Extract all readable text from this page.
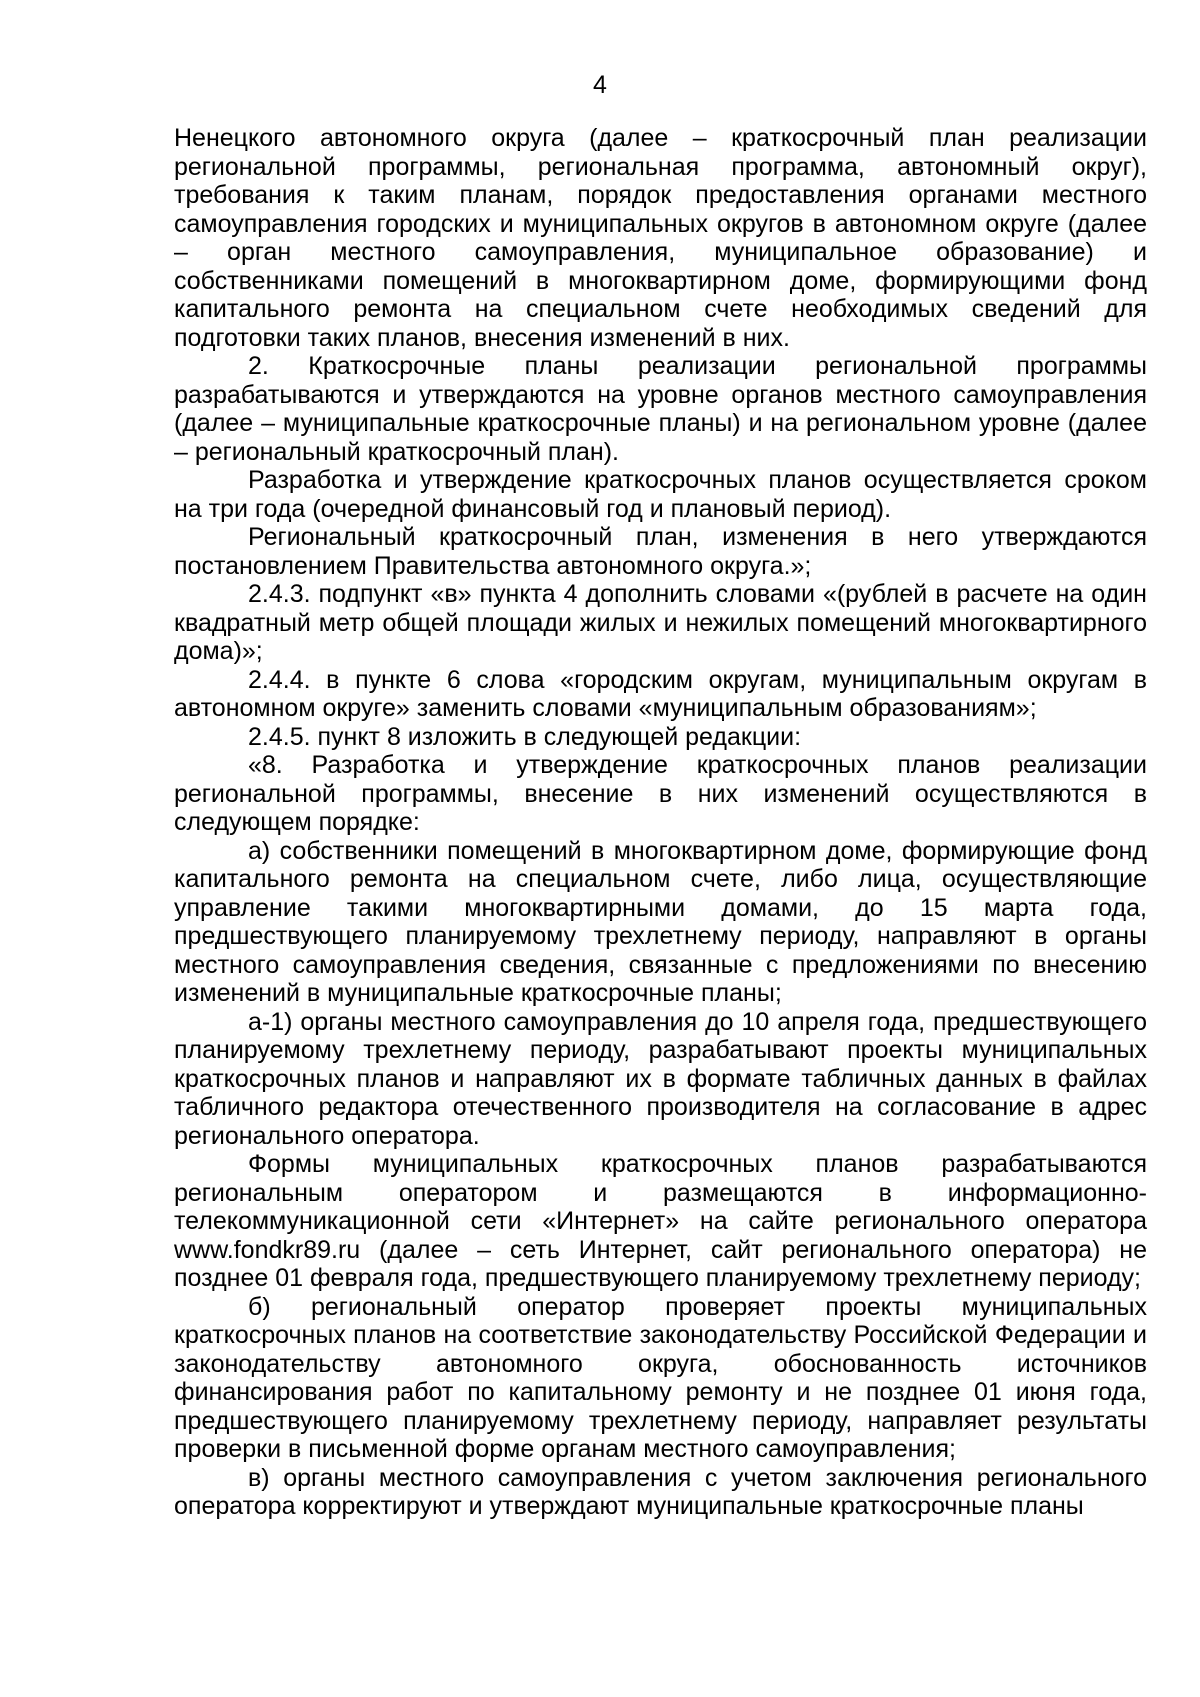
4

Ненецкого автономного округа (далее – краткосрочный план реализации региональной программы, региональная программа, автономный округ), требования к таким планам, порядок предоставления органами местного самоуправления городских и муниципальных округов в автономном округе (далее – орган местного самоуправления, муниципальное образование) и собственниками помещений в многоквартирном доме, формирующими фонд капитального ремонта на специальном счете необходимых сведений для подготовки таких планов, внесения изменений в них.

2. Краткосрочные планы реализации региональной программы разрабатываются и утверждаются на уровне органов местного самоуправления (далее – муниципальные краткосрочные планы) и на региональном уровне (далее – региональный краткосрочный план).

Разработка и утверждение краткосрочных планов осуществляется сроком на три года (очередной финансовый год и плановый период).

Региональный краткосрочный план, изменения в него утверждаются постановлением Правительства автономного округа.»;

2.4.3. подпункт «в» пункта 4 дополнить словами «(рублей в расчете на один квадратный метр общей площади жилых и нежилых помещений многоквартирного дома)»;

2.4.4. в пункте 6 слова «городским округам, муниципальным округам в автономном округе» заменить словами «муниципальным образованиям»;

2.4.5. пункт 8 изложить в следующей редакции:

«8. Разработка и утверждение краткосрочных планов реализации региональной программы, внесение в них изменений осуществляются в следующем порядке:

а) собственники помещений в многоквартирном доме, формирующие фонд капитального ремонта на специальном счете, либо лица, осуществляющие управление такими многоквартирными домами, до 15 марта года, предшествующего планируемому трехлетнему периоду, направляют в органы местного самоуправления сведения, связанные с предложениями по внесению изменений в муниципальные краткосрочные планы;

а-1) органы местного самоуправления до 10 апреля года, предшествующего планируемому трехлетнему периоду, разрабатывают проекты муниципальных краткосрочных планов и направляют их в формате табличных данных в файлах табличного редактора отечественного производителя на согласование в адрес регионального оператора.

Формы муниципальных краткосрочных планов разрабатываются региональным оператором и размещаются в информационно-телекоммуникационной сети «Интернет» на сайте регионального оператора www.fondkr89.ru (далее – сеть Интернет, сайт регионального оператора) не позднее 01 февраля года, предшествующего планируемому трехлетнему периоду;

б) региональный оператор проверяет проекты муниципальных краткосрочных планов на соответствие законодательству Российской Федерации и законодательству автономного округа, обоснованность источников финансирования работ по капитальному ремонту и не позднее 01 июня года, предшествующего планируемому трехлетнему периоду, направляет результаты проверки в письменной форме органам местного самоуправления;

в) органы местного самоуправления с учетом заключения регионального оператора корректируют и утверждают муниципальные краткосрочные планы
